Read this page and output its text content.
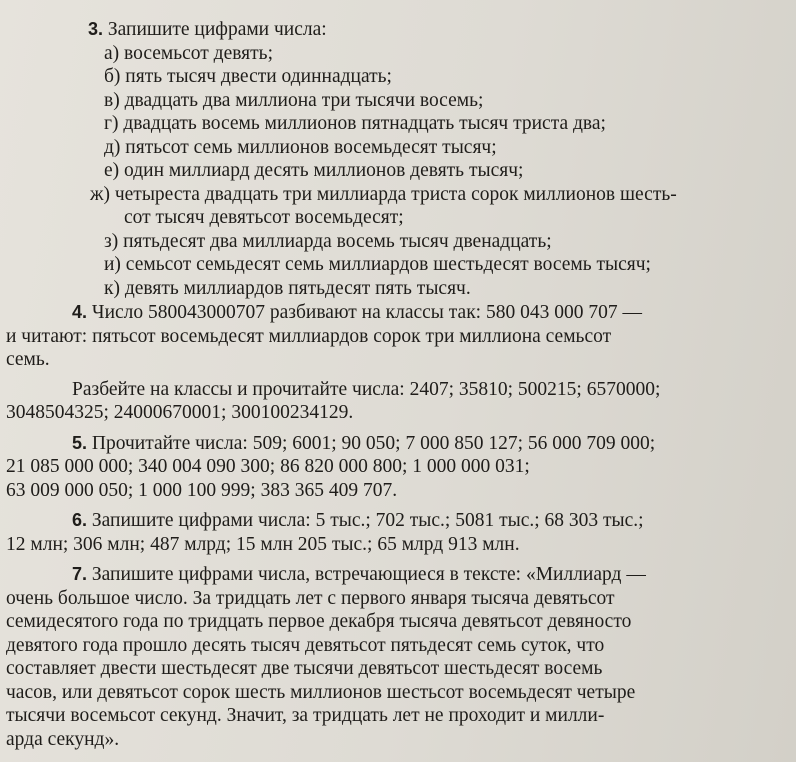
3. Запишите цифрами числа:
а) восемьсот девять;
б) пять тысяч двести одиннадцать;
в) двадцать два миллиона три тысячи восемь;
г) двадцать восемь миллионов пятнадцать тысяч триста два;
д) пятьсот семь миллионов восемьдесят тысяч;
е) один миллиард десять миллионов девять тысяч;
ж) четыреста двадцать три миллиарда триста сорок миллионов шесть-
сот тысяч девятьсот восемьдесят;
з) пятьдесят два миллиарда восемь тысяч двенадцать;
и) семьсот семьдесят семь миллиардов шестьдесят восемь тысяч;
к) девять миллиардов пятьдесят пять тысяч.
4. Число 580043000707 разбивают на классы так: 580 043 000 707 —
и читают: пятьсот восемьдесят миллиардов сорок три миллиона семьсот
семь.
Разбейте на классы и прочитайте числа: 2407; 35810; 500215; 6570000;
3048504325; 24000670001; 300100234129.
5. Прочитайте числа: 509; 6001; 90 050; 7 000 850 127; 56 000 709 000;
21 085 000 000; 340 004 090 300; 86 820 000 800; 1 000 000 031;
63 009 000 050; 1 000 100 999; 383 365 409 707.
6. Запишите цифрами числа: 5 тыс.; 702 тыс.; 5081 тыс.; 68 303 тыс.;
12 млн; 306 млн; 487 млрд; 15 млн 205 тыс.; 65 млрд 913 млн.
7. Запишите цифрами числа, встречающиеся в тексте: «Миллиард —
очень большое число. За тридцать лет с первого января тысяча девятьсот
семидесятого года по тридцать первое декабря тысяча девятьсот девяносто
девятого года прошло десять тысяч девятьсот пятьдесят семь суток, что
составляет двести шестьдесят две тысячи девятьсот шестьдесят восемь
часов, или девятьсот сорок шесть миллионов шестьсот восемьдесят четыре
тысячи восемьсот секунд. Значит, за тридцать лет не проходит и милли-
арда секунд».
